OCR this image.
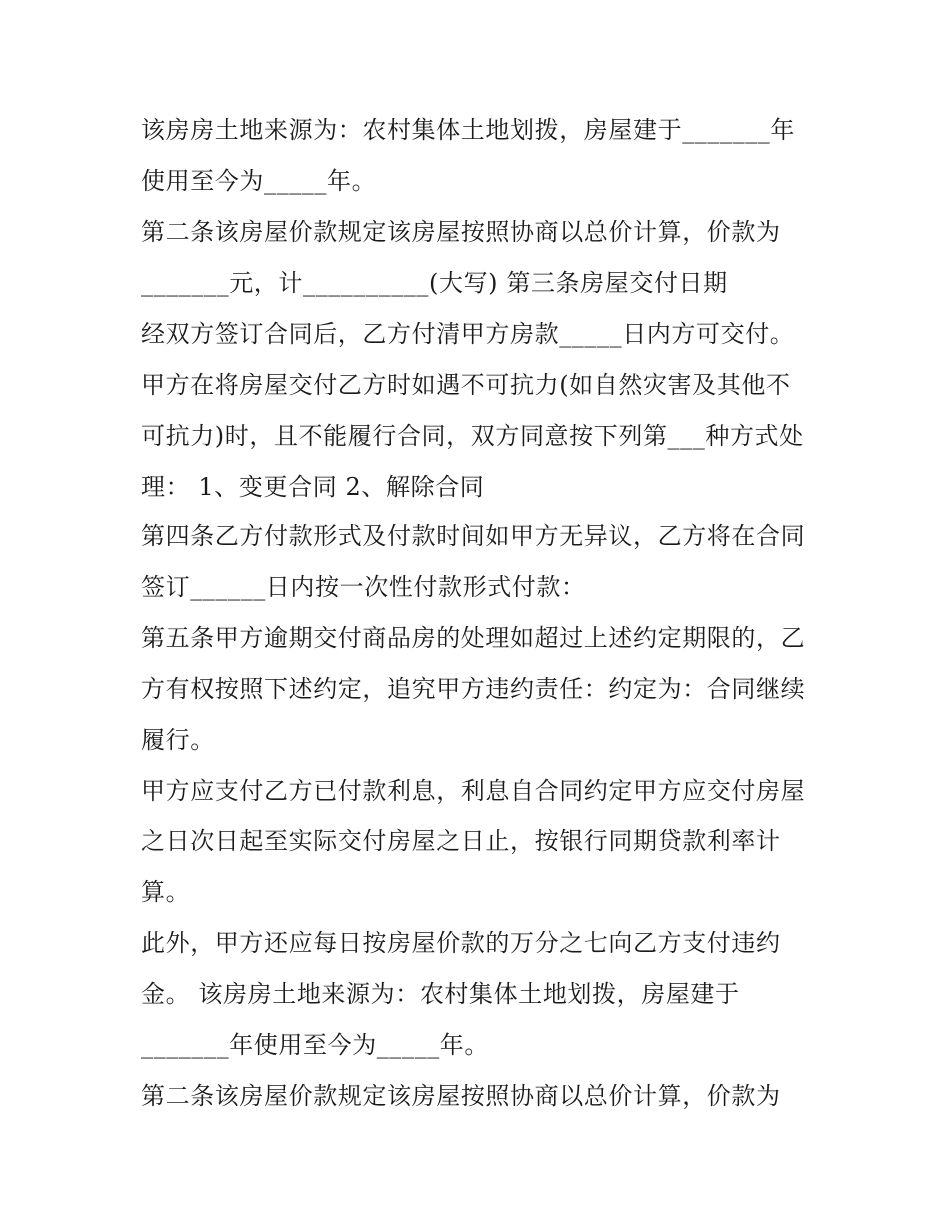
该房房土地来源为：农村集体土地划拨，房屋建于_______年
使用至今为_____年。
第二条该房屋价款规定该房屋按照协商以总价计算，价款为
_______元，计__________(大写) 第三条房屋交付日期
经双方签订合同后，乙方付清甲方房款_____日内方可交付。
甲方在将房屋交付乙方时如遇不可抗力(如自然灾害及其他不
可抗力)时，且不能履行合同，双方同意按下列第___种方式处
理： 1、变更合同 2、解除合同
第四条乙方付款形式及付款时间如甲方无异议，乙方将在合同
签订______日内按一次性付款形式付款：
第五条甲方逾期交付商品房的处理如超过上述约定期限的，乙
方有权按照下述约定，追究甲方违约责任：约定为：合同继续
履行。
甲方应支付乙方已付款利息，利息自合同约定甲方应交付房屋
之日次日起至实际交付房屋之日止，按银行同期贷款利率计
算。
此外，甲方还应每日按房屋价款的万分之七向乙方支付违约
金。 该房房土地来源为：农村集体土地划拨，房屋建于
_______年使用至今为_____年。
第二条该房屋价款规定该房屋按照协商以总价计算，价款为
